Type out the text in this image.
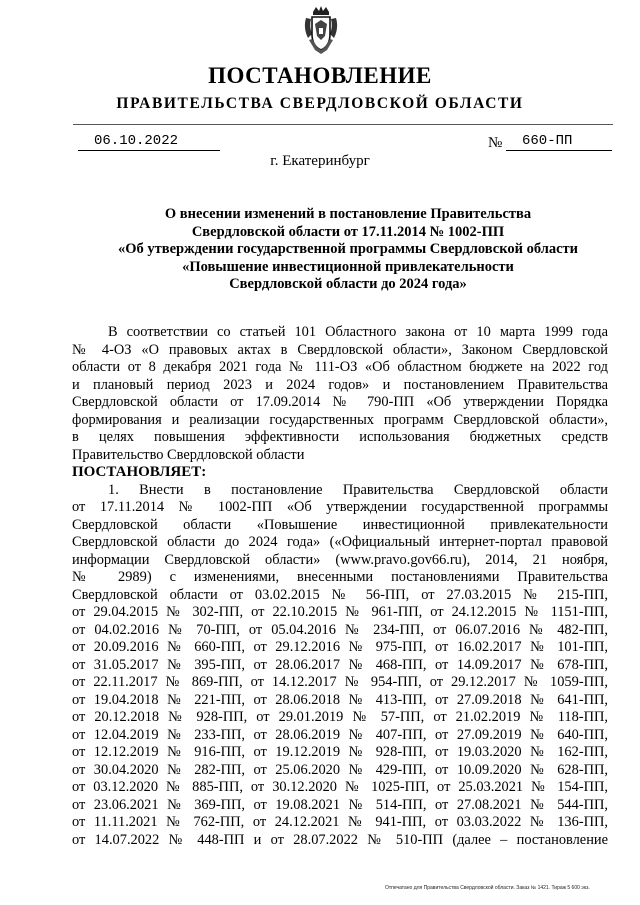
ПОСТАНОВЛЕНИЕ
ПРАВИТЕЛЬСТВА СВЕРДЛОВСКОЙ ОБЛАСТИ
06.10.2022	№	660-ПП
г. Екатеринбург
О внесении изменений в постановление Правительства
Свердловской области от 17.11.2014 № 1002-ПП
«Об утверждении государственной программы Свердловской области
«Повышение инвестиционной привлекательности
Свердловской области до 2024 года»
В соответствии со статьей 101 Областного закона от 10 марта 1999 года
№ 4-ОЗ «О правовых актах в Свердловской области», Законом Свердловской
области от 8 декабря 2021 года № 111-ОЗ «Об областном бюджете на 2022 год
и плановый период 2023 и 2024 годов» и постановлением Правительства
Свердловской области от 17.09.2014 № 790-ПП «Об утверждении Порядка
формирования и реализации государственных программ Свердловской области»,
в целях повышения эффективности использования бюджетных средств
Правительство Свердловской области
ПОСТАНОВЛЯЕТ:
1. Внести в постановление Правительства Свердловской области
от 17.11.2014 № 1002-ПП «Об утверждении государственной программы
Свердловской области «Повышение инвестиционной привлекательности
Свердловской области до 2024 года» («Официальный интернет-портал правовой
информации Свердловской области» (www.pravo.gov66.ru), 2014, 21 ноября,
№ 2989) с изменениями, внесенными постановлениями Правительства
Свердловской области от 03.02.2015 № 56-ПП, от 27.03.2015 № 215-ПП,
от 29.04.2015 № 302-ПП, от 22.10.2015 № 961-ПП, от 24.12.2015 № 1151-ПП,
от 04.02.2016 № 70-ПП, от 05.04.2016 № 234-ПП, от 06.07.2016 № 482-ПП,
от 20.09.2016 № 660-ПП, от 29.12.2016 № 975-ПП, от 16.02.2017 № 101-ПП,
от 31.05.2017 № 395-ПП, от 28.06.2017 № 468-ПП, от 14.09.2017 № 678-ПП,
от 22.11.2017 № 869-ПП, от 14.12.2017 № 954-ПП, от 29.12.2017 № 1059-ПП,
от 19.04.2018 № 221-ПП, от 28.06.2018 № 413-ПП, от 27.09.2018 № 641-ПП,
от 20.12.2018 № 928-ПП, от 29.01.2019 № 57-ПП, от 21.02.2019 № 118-ПП,
от 12.04.2019 № 233-ПП, от 28.06.2019 № 407-ПП, от 27.09.2019 № 640-ПП,
от 12.12.2019 № 916-ПП, от 19.12.2019 № 928-ПП, от 19.03.2020 № 162-ПП,
от 30.04.2020 № 282-ПП, от 25.06.2020 № 429-ПП, от 10.09.2020 № 628-ПП,
от 03.12.2020 № 885-ПП, от 30.12.2020 № 1025-ПП, от 25.03.2021 № 154-ПП,
от 23.06.2021 № 369-ПП, от 19.08.2021 № 514-ПП, от 27.08.2021 № 544-ПП,
от 11.11.2021 № 762-ПП, от 24.12.2021 № 941-ПП, от 03.03.2022 № 136-ПП,
от 14.07.2022 № 448-ПП и от 28.07.2022 № 510-ПП (далее – постановление
Отпечатано для Правительства Свердловской области. Заказ № 1421. Тираж 5 600 экз.
